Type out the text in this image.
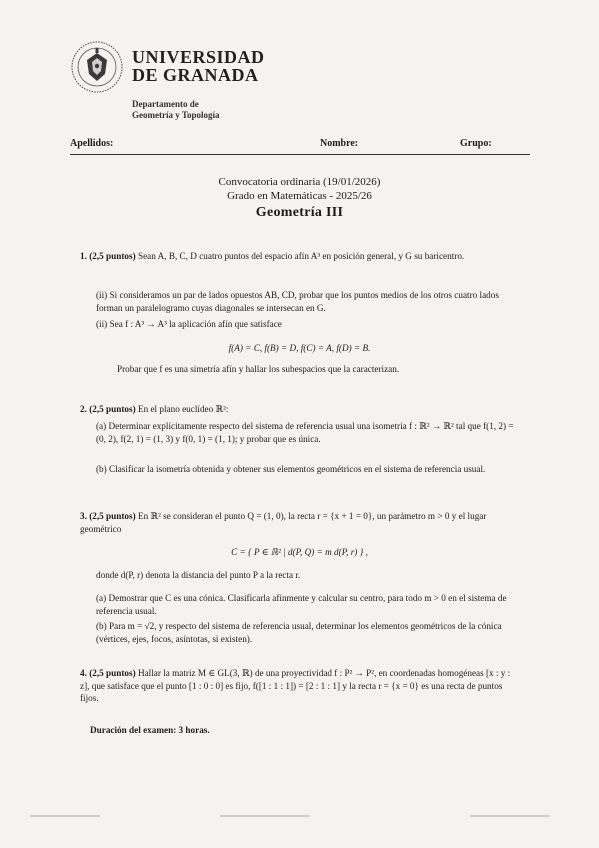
UNIVERSIDAD
DE GRANADA
Departamento de
Geometría y Topología
Apellidos:	Nombre:	Grupo:
Convocatoria ordinaria (19/01/2026)
Grado en Matemáticas - 2025/26
Geometría III
1. (2,5 puntos) Sean A, B, C, D cuatro puntos del espacio afín A³ en posición general, y G su baricentro.
(ii) Si consideramos un par de lados opuestos AB, CD, probar que los puntos medios de los otros cuatro lados forman un paralelogramo cuyas diagonales se intersecan en G.
(ii) Sea f : A³ → A³ la aplicación afín que satisface
f(A) = C, f(B) = D, f(C) = A, f(D) = B.
Probar que f es una simetría afín y hallar los subespacios que la caracterizan.
2. (2,5 puntos) En el plano euclídeo ℝ²:
(a) Determinar explícitamente respecto del sistema de referencia usual una isometría f : ℝ² → ℝ² tal que f(1, 2) = (0, 2), f(2, 1) = (1, 3) y f(0, 1) = (1, 1); y probar que es única.
(b) Clasificar la isometría obtenida y obtener sus elementos geométricos en el sistema de referencia usual.
3. (2,5 puntos) En ℝ² se consideran el punto Q = (1, 0), la recta r = {x + 1 = 0}, un parámetro m > 0 y el lugar geométrico
C = { P ∈ ℝ² | d(P, Q) = m d(P, r) } ,
donde d(P, r) denota la distancia del punto P a la recta r.
(a) Demostrar que C es una cónica. Clasificarla afínmente y calcular su centro, para todo m > 0 en el sistema de referencia usual.
(b) Para m = √2, y respecto del sistema de referencia usual, determinar los elementos geométricos de la cónica (vértices, ejes, focos, asíntotas, si existen).
4. (2,5 puntos) Hallar la matriz M ∈ GL(3, ℝ) de una proyectividad f : P² → P², en coordenadas homogéneas [x : y : z], que satisface que el punto [1 : 0 : 0] es fijo, f([1 : 1 : 1]) = [2 : 1 : 1] y la recta r = {x = 0} es una recta de puntos fijos.
Duración del examen: 3 horas.
